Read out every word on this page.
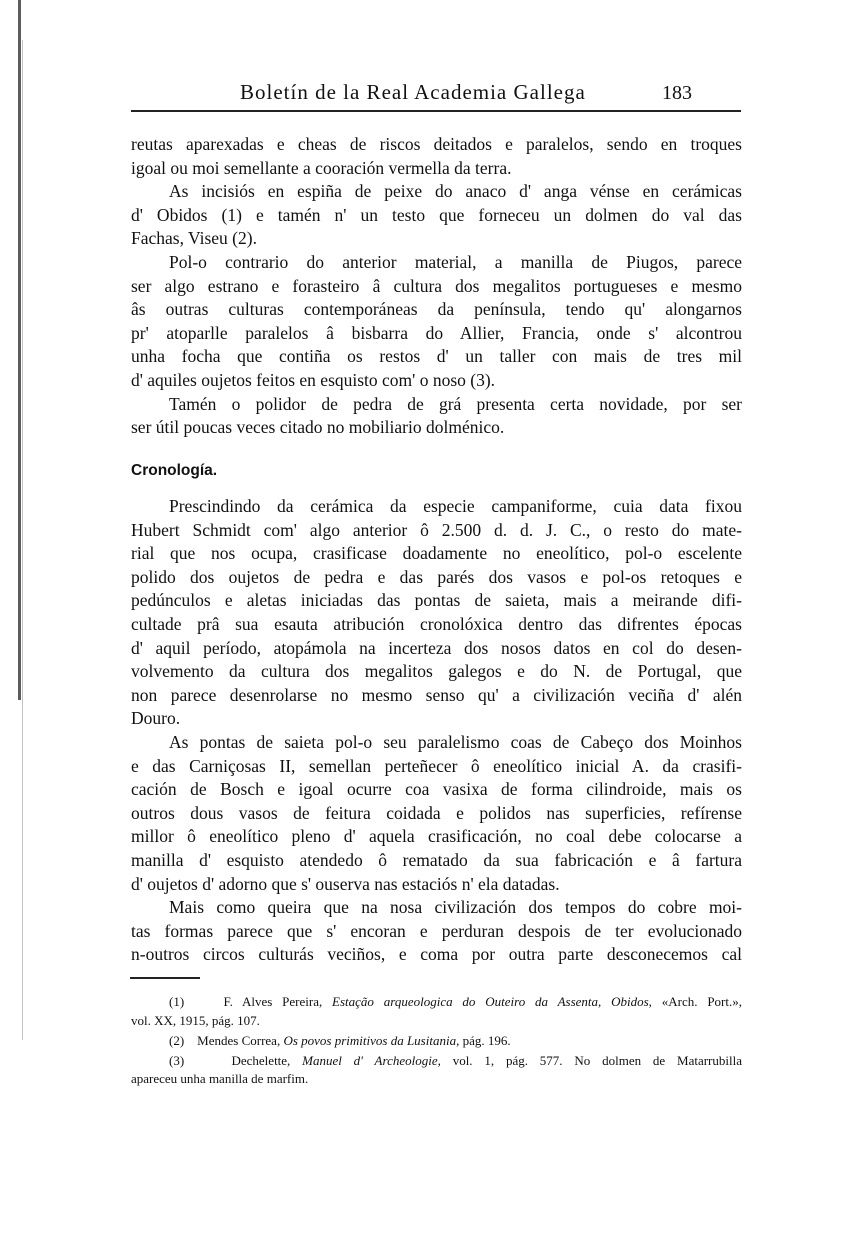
Boletín de la Real Academia Gallega	183
reutas aparexadas e cheas de riscos deitados e paralelos, sendo en troques
igoal ou moi semellante a cooración vermella da terra.
As incisiós en espiña de peixe do anaco d' anga vénse en cerámicas
d' Obidos (1) e tamén n' un testo que forneceu un dolmen do val das
Fachas, Viseu (2).
Pol-o contrario do anterior material, a manilla de Piugos, parece
ser algo estrano e forasteiro â cultura dos megalitos portugueses e mesmo
âs outras culturas contemporáneas da península, tendo qu' alongarnos
pr' atoparlle paralelos â bisbarra do Allier, Francia, onde s' alcontrou
unha focha que contiña os restos d' un taller con mais de tres mil
d' aquiles oujetos feitos en esquisto com' o noso (3).
Tamén o polidor de pedra de grá presenta certa novidade, por ser
ser útil poucas veces citado no mobiliario dolménico.
Cronología.
Prescindindo da cerámica da especie campaniforme, cuia data fixou
Hubert Schmidt com' algo anterior ô 2.500 d. d. J. C., o resto do mate-
rial que nos ocupa, crasificase doadamente no eneolítico, pol-o escelente
polido dos oujetos de pedra e das parés dos vasos e pol-os retoques e
pedúnculos e aletas iniciadas das pontas de saieta, mais a meirande difi-
cultade prâ sua esauta atribución cronolóxica dentro das difrentes épocas
d' aquil período, atopámola na incerteza dos nosos datos en col do desen-
volvemento da cultura dos megalitos galegos e do N. de Portugal, que
non parece desenrolarse no mesmo senso qu' a civilización veciña d' alén
Douro.
As pontas de saieta pol-o seu paralelismo coas de Cabeço dos Moinhos
e das Carniçosas II, semellan perteñecer ô eneolítico inicial A. da crasifi-
cación de Bosch e igoal ocurre coa vasixa de forma cilindroide, mais os
outros dous vasos de feitura coidada e polidos nas superficies, refírense
millor ô eneolítico pleno d' aquela crasificación, no coal debe colocarse a
manilla d' esquisto atendedo ô rematado da sua fabricación e â fartura
d' oujetos d' adorno que s' ouserva nas estaciós n' ela datadas.
Mais como queira que na nosa civilización dos tempos do cobre moi-
tas formas parece que s' encoran e perduran despois de ter evolucionado
n-outros circos culturás veciños, e coma por outra parte desconecemos cal
(1)	F. Alves Pereira, Estação arqueologica do Outeiro da Assenta, Obidos, «Arch. Port.»,
vol. XX, 1915, pág. 107.
(2) Mendes Correa, Os povos primitivos da Lusitania, pág. 196.
(3)	Dechelette, Manuel d' Archeologie, vol. 1, pág. 577. No dolmen de Matarrubilla
apareceu unha manilla de marfim.
